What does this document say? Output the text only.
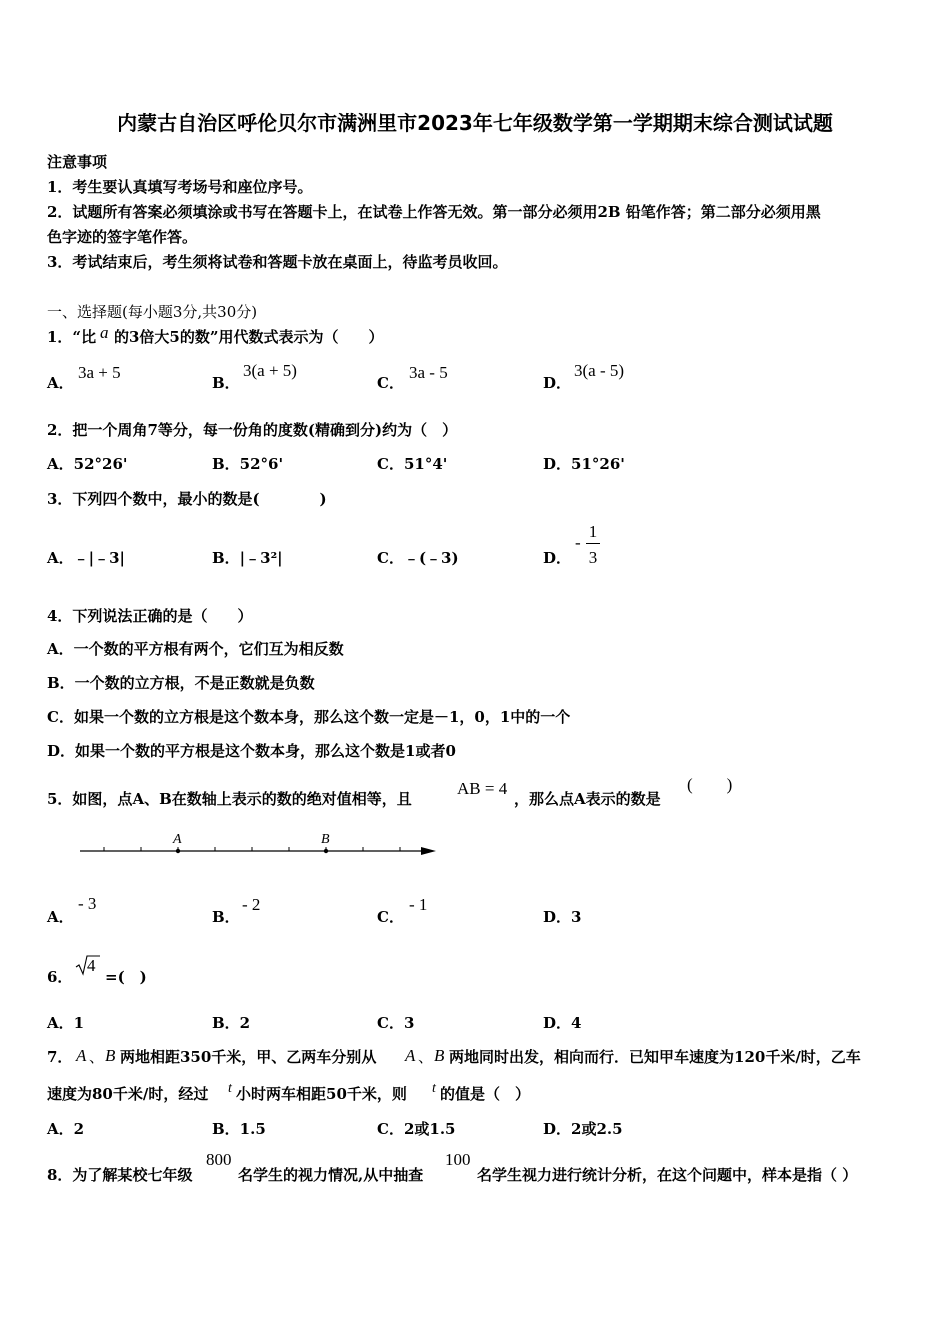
内蒙古自治区呼伦贝尔市满洲里市2023年七年级数学第一学期期末综合测试试题
注意事项
1．考生要认真填写考场号和座位序号。
2．试题所有答案必须填涂或书写在答题卡上，在试卷上作答无效。第一部分必须用2B 铅笔作答；第二部分必须用黑
色字迹的签字笔作答。
3．考试结束后，考生须将试卷和答题卡放在桌面上，待监考员收回。
一、选择题(每小题3分,共30分)
1．“比 a 的3倍大5的数”用代数式表示为（　　）
A．
3a + 5
B．
3(a + 5)
C．
3a - 5
D．
3(a - 5)
2．把一个周角7等分，每一份角的度数(精确到分)约为（　）
A．52°26'	B．52°6'	C．51°4'	D．51°26'
3．下列四个数中，最小的数是(　　　　)
A．﹣|﹣3|	B．|﹣3²|	C．﹣(﹣3)	D．
-
1
3
4．下列说法正确的是（　　）
A．一个数的平方根有两个，它们互为相反数
B．一个数的立方根，不是正数就是负数
C．如果一个数的立方根是这个数本身，那么这个数一定是－1，0，1中的一个
D．如果一个数的平方根是这个数本身，那么这个数是1或者0
5．如图，点A、B在数轴上表示的数的绝对值相等，且
AB = 4
，那么点A表示的数是
(　　)
A	B
A．
- 3
B．
- 2
C．
- 1
D．3
6．
4
=(　)
A．1	B．2	C．3	D．4
7． A 、 B 两地相距350千米，甲、乙两车分别从 A 、 B 两地同时出发，相向而行．已知甲车速度为120千米/时，乙车
速度为80千米/时，经过 t 小时两车相距50千米，则 t 的值是（　）
A．2	B．1.5	C．2或1.5	D．2或2.5
8．为了解某校七年级
800
名学生的视力情况,从中抽查
100
名学生视力进行统计分析，在这个问题中，样本是指（ ）
